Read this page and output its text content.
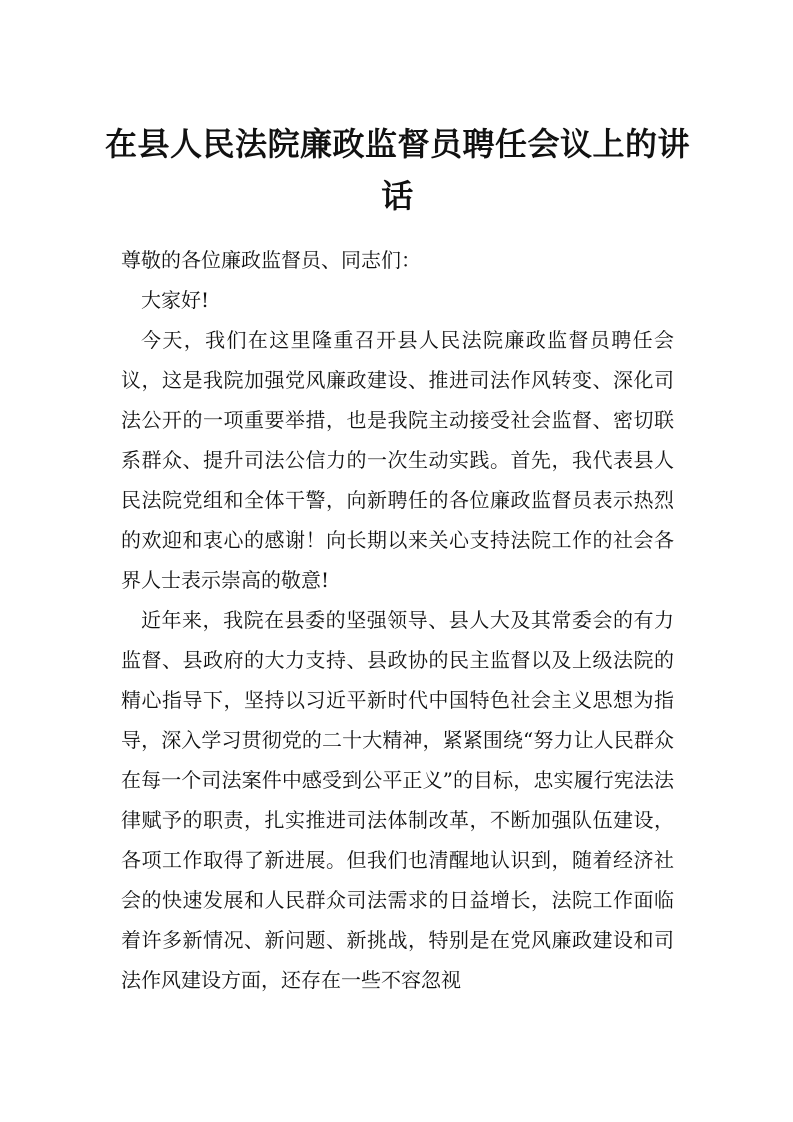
在县人民法院廉政监督员聘任会议上的讲话

尊敬的各位廉政监督员、同志们：

大家好!

今天，我们在这里隆重召开县人民法院廉政监督员聘任会议，这是我院加强党风廉政建设、推进司法作风转变、深化司法公开的一项重要举措，也是我院主动接受社会监督、密切联系群众、提升司法公信力的一次生动实践。首先，我代表县人民法院党组和全体干警，向新聘任的各位廉政监督员表示热烈的欢迎和衷心的感谢！向长期以来关心支持法院工作的社会各界人士表示崇高的敬意!

近年来，我院在县委的坚强领导、县人大及其常委会的有力监督、县政府的大力支持、县政协的民主监督以及上级法院的精心指导下，坚持以习近平新时代中国特色社会主义思想为指导，深入学习贯彻党的二十大精神，紧紧围绕“努力让人民群众在每一个司法案件中感受到公平正义”的目标，忠实履行宪法法律赋予的职责，扎实推进司法体制改革，不断加强队伍建设，各项工作取得了新进展。但我们也清醒地认识到，随着经济社会的快速发展和人民群众司法需求的日益增长，法院工作面临着许多新情况、新问题、新挑战，特别是在党风廉政建设和司法作风建设方面，还存在一些不容忽视
